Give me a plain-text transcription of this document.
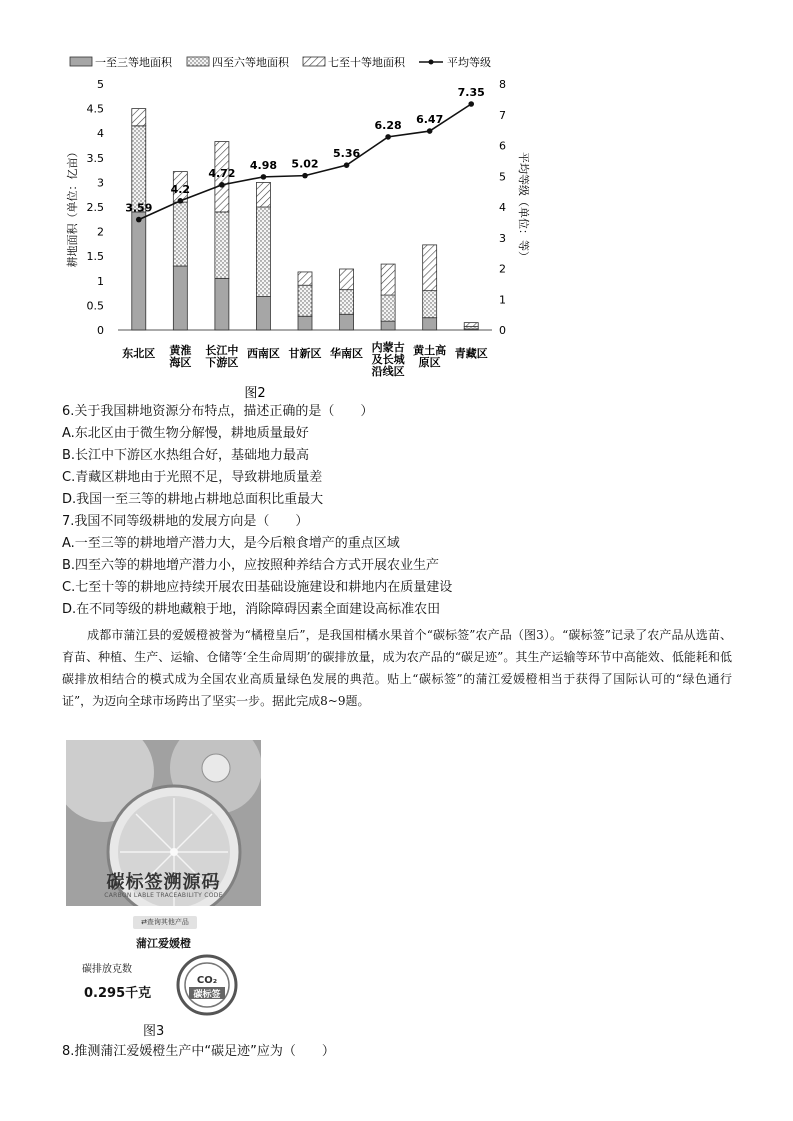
一至三等地面积	四至六等地面积	七至十等地面积	平均等级
0
0.5
1
1.5
2
2.5
3
3.5
4
4.5
5
0
1
2
3
4
5
6
7
8
耕地面积（单位：亿亩）	平均等级（单位：等）
3.59
4.2
4.72
4.98 5.02
5.36
6.28 6.47
7.35
东北区 黄淮
海区
长江中
下游区
西南区 甘新区 华南区 内蒙古
及长城
沿线区
黄土高
原区
青藏区
图2
6.关于我国耕地资源分布特点，描述正确的是（　　）
A.东北区由于微生物分解慢，耕地质量最好
B.长江中下游区水热组合好，基础地力最高
C.青藏区耕地由于光照不足，导致耕地质量差
D.我国一至三等的耕地占耕地总面积比重最大
7.我国不同等级耕地的发展方向是（　　）
A.一至三等的耕地增产潜力大，是今后粮食增产的重点区域
B.四至六等的耕地增产潜力小，应按照种养结合方式开展农业生产
C.七至十等的耕地应持续开展农田基础设施建设和耕地内在质量建设
D.在不同等级的耕地藏粮于地，消除障碍因素全面建设高标准农田
成都市蒲江县的爱媛橙被誉为“橘橙皇后”，是我国柑橘水果首个“碳标签”农产品（图3）。“碳标签”记录了农产品从选苗、育苗、种植、生产、运输、仓储等‘全生命周期’的碳排放量，成为农产品的“碳足迹”。其生产运输等环节中高能效、低能耗和低碳排放相结合的模式成为全国农业高质量绿色发展的典范。贴上“碳标签”的蒲江爱媛橙相当于获得了国际认可的“绿色通行证”，为迈向全球市场跨出了坚实一步。据此完成8~9题。
碳标签溯源码
CARBON LABLE TRACEABILITY CODE
⇄查询其他产品
蒲江爱媛橙
碳排放克数
0.295千克
CO₂
碳标签
图3
8.推测蒲江爱媛橙生产中“碳足迹”应为（　　）
